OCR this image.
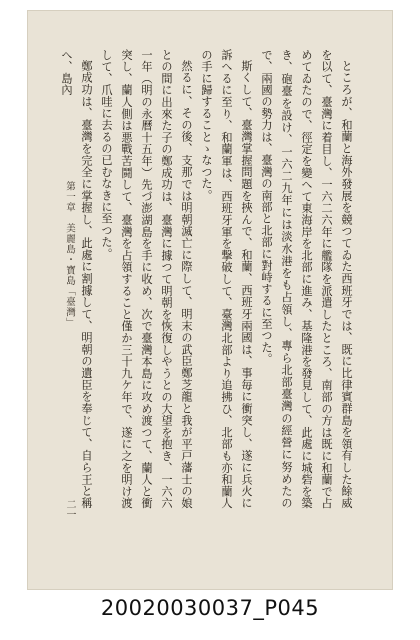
ところが、和蘭と海外發展を競つてゐた西班牙では、既に比律賓群島を領有した餘威を以て、臺灣に着目し、一六二六年に艦隊を派遣したところ、南部の方は既に和蘭で占めてゐたので、徑定を變へて東海岸を北部に進み、基隆港を發見して、此處に城砦を築き、砲臺を設け、一六二九年には淡水港をも占領し、專ら北部臺灣の經營に努めたので、兩國の勢力は、臺灣の南部と北部に對峙するに至つた。

斯くして、臺灣掌握問題を挾んで、和蘭、西班牙兩國は、事毎に衝突し、遂に兵火に訴へるに至り、和蘭軍は、西班牙軍を撃破して、臺灣北部より追拂ひ、北部も亦和蘭人の手に歸することゝなつた。

然るに、その後、支那では明朝滅亡に際して、明末の武臣鄭芝龍と我が平戸藩士の娘との間に出來た子の鄭成功は、臺灣に據つて明朝を恢復しやうとの大望を抱き、一六六一年（明の永曆十五年）先づ澎湖島を手に收め、次で臺灣本島に攻め渡つて、蘭人と衝突し、蘭人側は悪戰苦鬪して、臺灣を占領すること僅か三十九ケ年で、遂に之を明け渡して、爪哇に去るの已むなきに至つた。

鄭成功は、臺灣を完全に掌握し、此處に割據して、明朝の遺臣を奉じて、自ら王と稱へ、島內

第一章　美麗島・寶島「臺灣」
二一
20020030037_P045
